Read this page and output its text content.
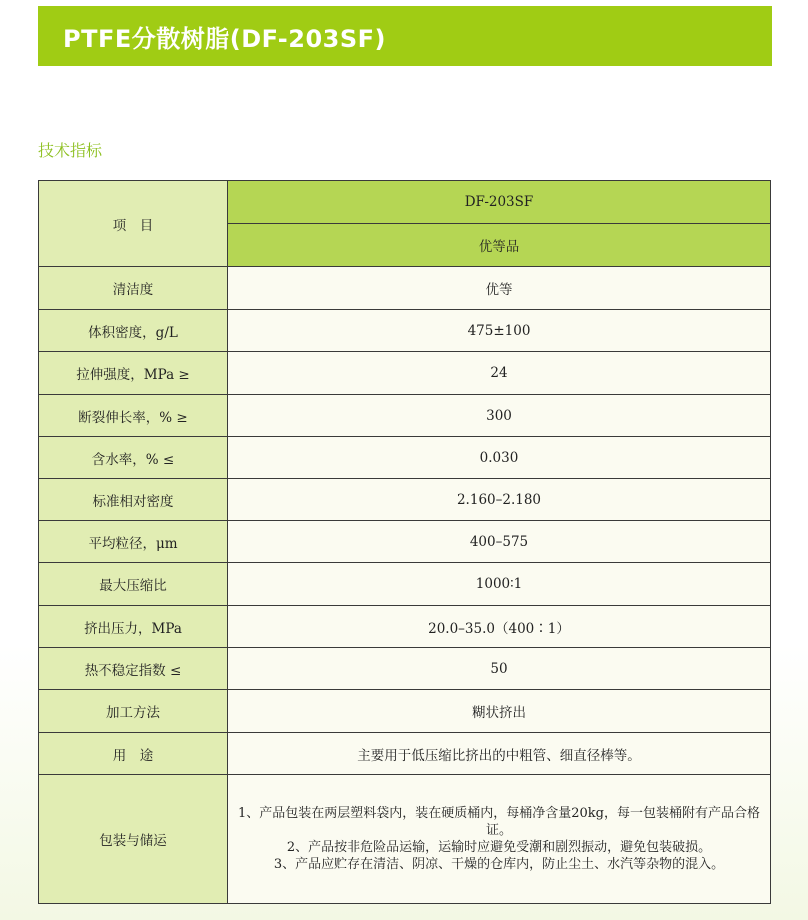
PTFE分散树脂(DF-203SF)
技术指标
项　目	DF-203SF
	优等品
清洁度	优等
体积密度，g/L	475±100
拉伸强度，MPa ≥	24
断裂伸长率，% ≥	300
含水率，% ≤	0.030
标准相对密度	2.160–2.180
平均粒径，μm	400–575
最大压缩比	1000∶1
挤出压力，MPa	20.0–35.0（400∶1）
热不稳定指数 ≤	50
加工方法	糊状挤出
用　途	主要用于低压缩比挤出的中粗管、细直径棒等。
包装与储运	1、产品包装在两层塑料袋内，装在硬质桶内，每桶净含量20kg，每一包装桶附有产品合格证。
2、产品按非危险品运输，运输时应避免受潮和剧烈振动，避免包装破损。
3、产品应贮存在清洁、阴凉、干燥的仓库内，防止尘土、水汽等杂物的混入。
